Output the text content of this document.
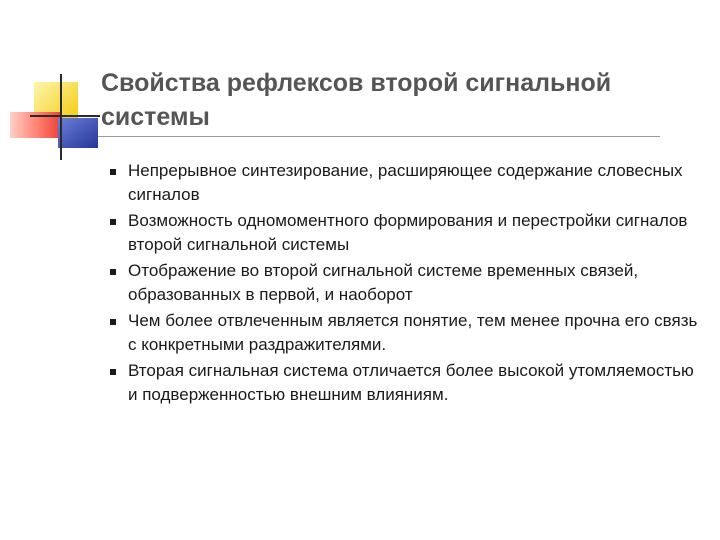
Свойства рефлексов второй сигнальной системы
Непрерывное синтезирование, расширяющее содержание словесных сигналов
Возможность одномоментного формирования и перестройки сигналов второй сигнальной системы
Отображение во второй сигнальной системе временных связей, образованных в первой, и наоборот
Чем более отвлеченным является понятие, тем менее прочна его связь с конкретными раздражителями.
Вторая сигнальная система отличается более высокой утомляемостью и подверженностью внешним влияниям.
